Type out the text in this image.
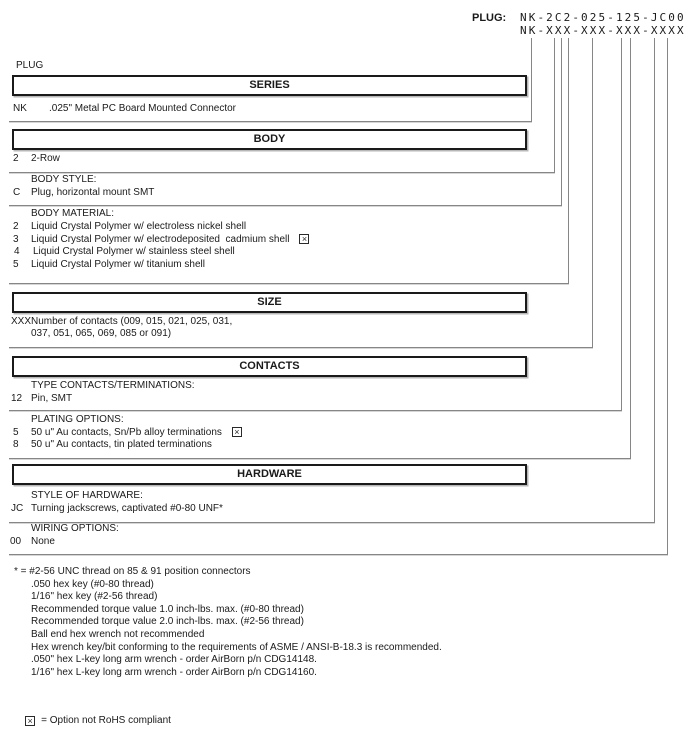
PLUG: NK-2C2-025-125-JC00
NK-XXX-XXX-XXX-XXXX
PLUG
SERIES
NK .025" Metal PC Board Mounted Connector
BODY
2 2-Row
BODY STYLE:
C Plug, horizontal mount SMT
BODY MATERIAL:
2 Liquid Crystal Polymer w/ electroless nickel shell
3 Liquid Crystal Polymer w/ electrodeposited  cadmium shell ×
4 Liquid Crystal Polymer w/ stainless steel shell
5 Liquid Crystal Polymer w/ titanium shell
SIZE
XXX Number of contacts (009, 015, 021, 025, 031,
037, 051, 065, 069, 085 or 091)
CONTACTS
TYPE CONTACTS/TERMINATIONS:
12 Pin, SMT
PLATING OPTIONS:
5 50 u" Au contacts, Sn/Pb alloy terminations ×
8 50 u" Au contacts, tin plated terminations
HARDWARE
STYLE OF HARDWARE:
JC Turning jackscrews, captivated #0-80 UNF*
WIRING OPTIONS:
00 None
* = #2-56 UNC thread on 85 & 91 position connectors
.050 hex key (#0-80 thread)
1/16" hex key (#2-56 thread)
Recommended torque value 1.0 inch-lbs. max. (#0-80 thread)
Recommended torque value 2.0 inch-lbs. max. (#2-56 thread)
Ball end hex wrench not recommended
Hex wrench key/bit conforming to the requirements of ASME / ANSI-B-18.3 is recommended.
.050" hex L-key long arm wrench - order AirBorn p/n CDG14148.
1/16" hex L-key long arm wrench - order AirBorn p/n CDG14160.

× = Option not RoHS compliant
